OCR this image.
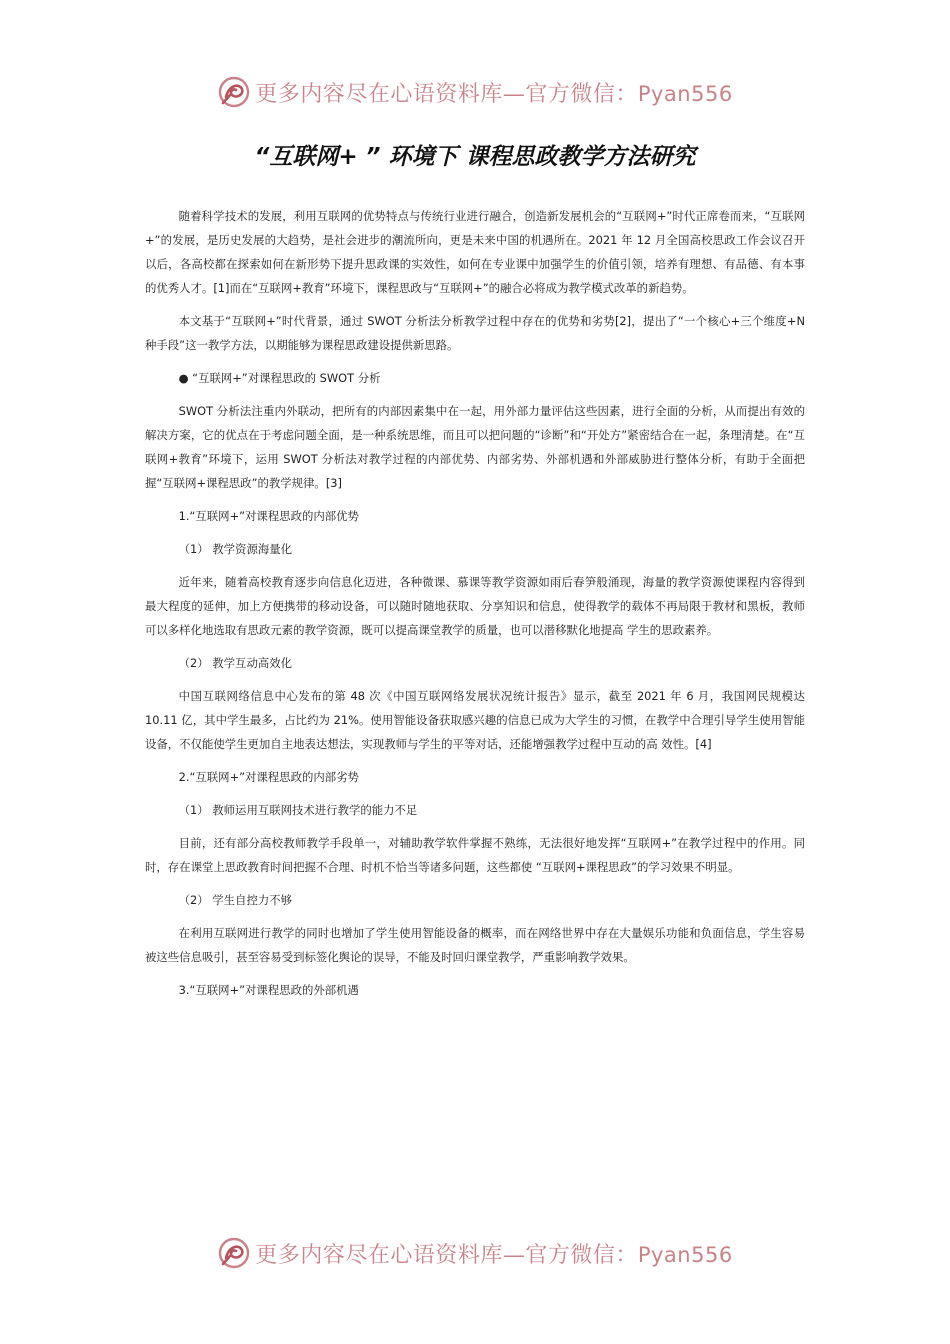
更多内容尽在心语资料库—官方微信：Pyan556
“互联网+ ” 环境下 课程思政教学方法研究

随着科学技术的发展，利用互联网的优势特点与传统行业进行融合，创造新发展机会的“互联网+”时代正席卷而来，“互联网+”的发展，是历史发展的大趋势，是社会进步的潮流所向，更是未来中国的机遇所在。2021 年 12 月全国高校思政工作会议召开以后，各高校都在探索如何在新形势下提升思政课的实效性，如何在专业课中加强学生的价值引领，培养有理想、有品德、有本事的优秀人才。[1]而在“互联网+教育”环境下，课程思政与“互联网+”的融合必将成为教学模式改革的新趋势。

本文基于“互联网+”时代背景，通过 SWOT 分析法分析教学过程中存在的优势和劣势[2]，提出了“一个核心+三个维度+N 种手段”这一教学方法，以期能够为课程思政建设提供新思路。

● “互联网+”对课程思政的 SWOT 分析

SWOT 分析法注重内外联动，把所有的内部因素集中在一起，用外部力量评估这些因素，进行全面的分析，从而提出有效的解决方案，它的优点在于考虑问题全面，是一种系统思维，而且可以把问题的“诊断”和“开处方”紧密结合在一起，条理清楚。在“互联网+教育”环境下，运用 SWOT 分析法对教学过程的内部优势、内部劣势、外部机遇和外部威胁进行整体分析，有助于全面把握“互联网+课程思政”的教学规律。[3]

1.“互联网+”对课程思政的内部优势

（1） 教学资源海量化

近年来，随着高校教育逐步向信息化迈进，各种微课、慕课等教学资源如雨后春笋般涌现，海量的教学资源使课程内容得到最大程度的延伸，加上方便携带的移动设备，可以随时随地获取、分享知识和信息，使得教学的载体不再局限于教材和黑板，教师可以多样化地选取有思政元素的教学资源，既可以提高课堂教学的质量，也可以潜移默化地提高 学生的思政素养。

（2） 教学互动高效化

中国互联网络信息中心发布的第 48 次《中国互联网络发展状况统计报告》显示，截至 2021 年 6 月，我国网民规模达 10.11 亿，其中学生最多，占比约为 21%。使用智能设备获取感兴趣的信息已成为大学生的习惯，在教学中合理引导学生使用智能设备，不仅能使学生更加自主地表达想法，实现教师与学生的平等对话，还能增强教学过程中互动的高 效性。[4]

2.“互联网+”对课程思政的内部劣势

（1） 教师运用互联网技术进行教学的能力不足

目前，还有部分高校教师教学手段单一，对辅助教学软件掌握不熟练，无法很好地发挥“互联网+”在教学过程中的作用。同时，存在课堂上思政教育时间把握不合理、时机不恰当等诸多问题，这些都使 “互联网+课程思政”的学习效果不明显。

（2） 学生自控力不够

在利用互联网进行教学的同时也增加了学生使用智能设备的概率，而在网络世界中存在大量娱乐功能和负面信息，学生容易被这些信息吸引，甚至容易受到标签化舆论的误导，不能及时回归课堂教学，严重影响教学效果。

3.“互联网+”对课程思政的外部机遇

更多内容尽在心语资料库—官方微信：Pyan556
